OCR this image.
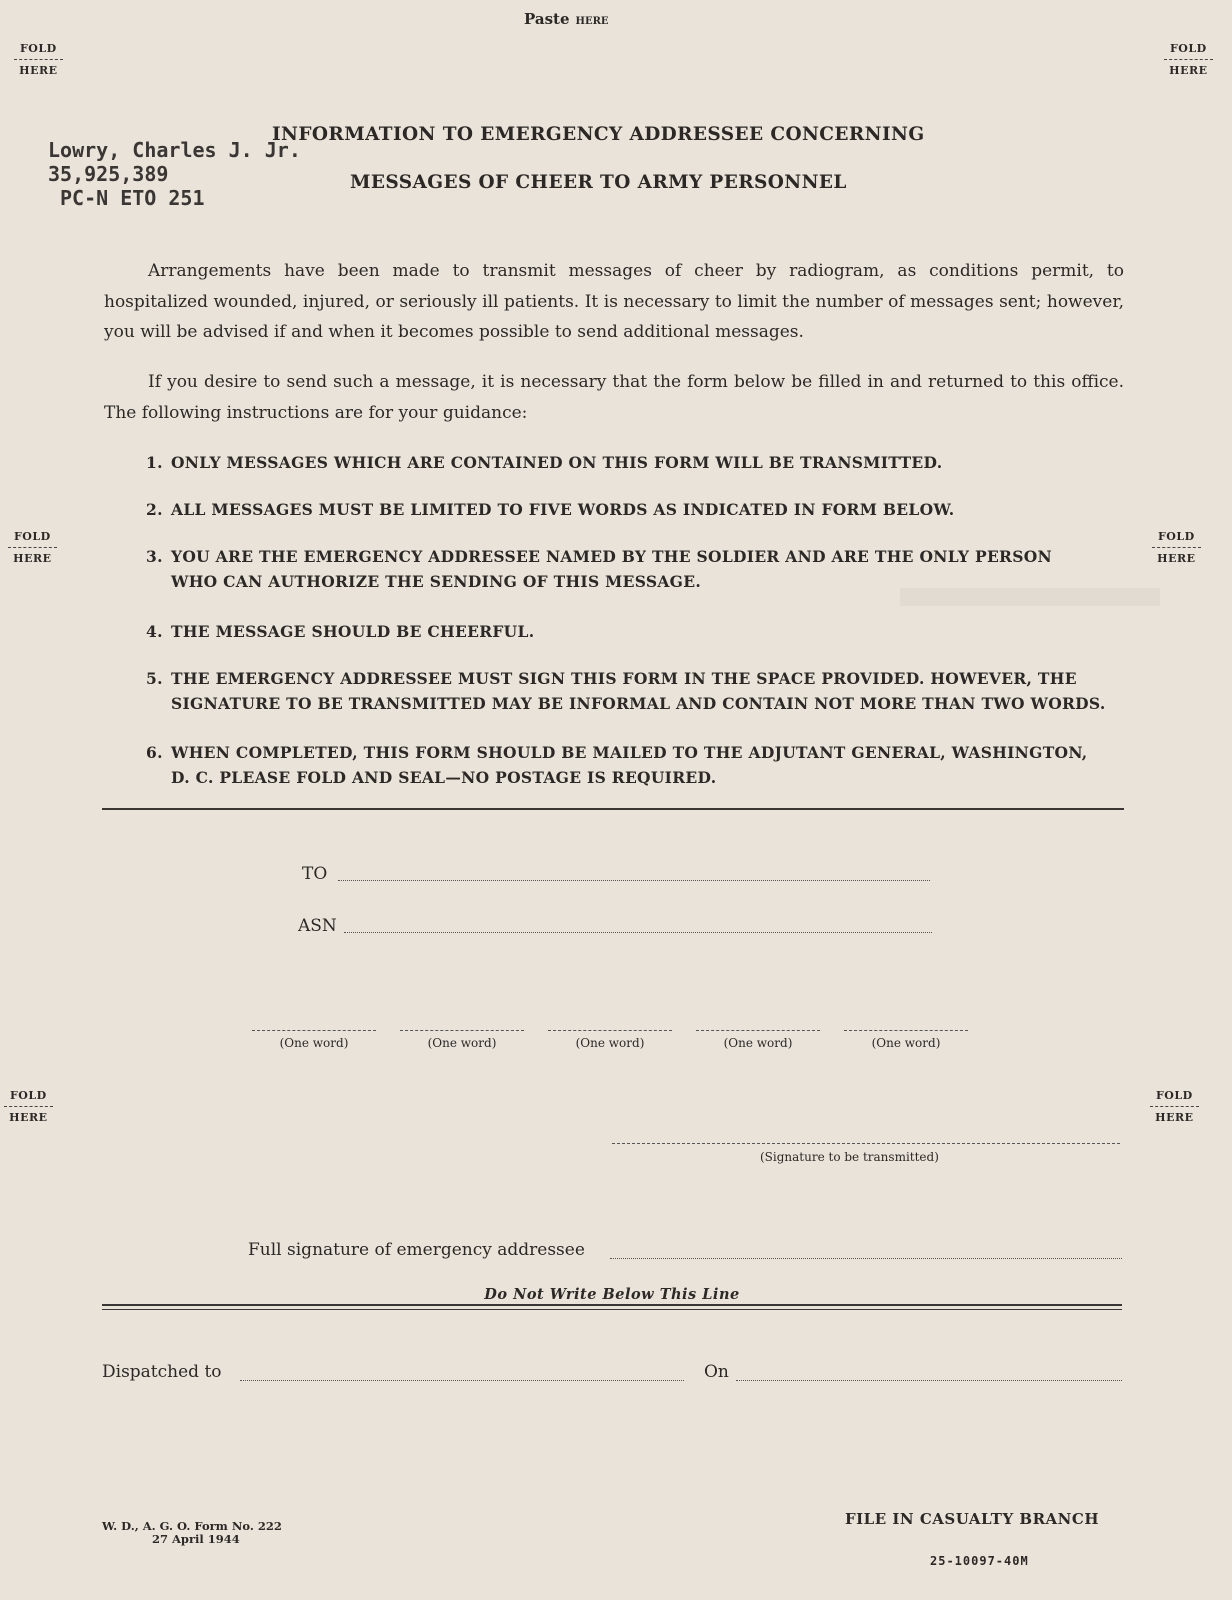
Paste HERE
FOLD
HERE
FOLD
HERE
FOLD
HERE
FOLD
HERE
FOLD
HERE
FOLD
HERE
Lowry, Charles J. Jr.
35,925,389
PC-N ETO 251
INFORMATION TO EMERGENCY ADDRESSEE CONCERNING
MESSAGES OF CHEER TO ARMY PERSONNEL
Arrangements have been made to transmit messages of cheer by radiogram, as conditions permit, to hospitalized wounded, injured, or seriously ill patients. It is necessary to limit the number of messages sent; however, you will be advised if and when it becomes possible to send additional messages.
If you desire to send such a message, it is necessary that the form below be filled in and returned to this office. The following instructions are for your guidance:
1. ONLY MESSAGES WHICH ARE CONTAINED ON THIS FORM WILL BE TRANSMITTED.
2. ALL MESSAGES MUST BE LIMITED TO FIVE WORDS AS INDICATED IN FORM BELOW.
3. YOU ARE THE EMERGENCY ADDRESSEE NAMED BY THE SOLDIER AND ARE THE ONLY PERSON
WHO CAN AUTHORIZE THE SENDING OF THIS MESSAGE.
4. THE MESSAGE SHOULD BE CHEERFUL.
5. THE EMERGENCY ADDRESSEE MUST SIGN THIS FORM IN THE SPACE PROVIDED. HOWEVER, THE
SIGNATURE TO BE TRANSMITTED MAY BE INFORMAL AND CONTAIN NOT MORE THAN TWO WORDS.
6. WHEN COMPLETED, THIS FORM SHOULD BE MAILED TO THE ADJUTANT GENERAL, WASHINGTON,
D. C. PLEASE FOLD AND SEAL—NO POSTAGE IS REQUIRED.
TO
ASN
(One word)	(One word)	(One word)	(One word)	(One word)
(Signature to be transmitted)
Full signature of emergency addressee
Do Not Write Below This Line
Dispatched to	On
W. D., A. G. O. Form No. 222
27 April 1944
FILE IN CASUALTY BRANCH
25-10097-40M
